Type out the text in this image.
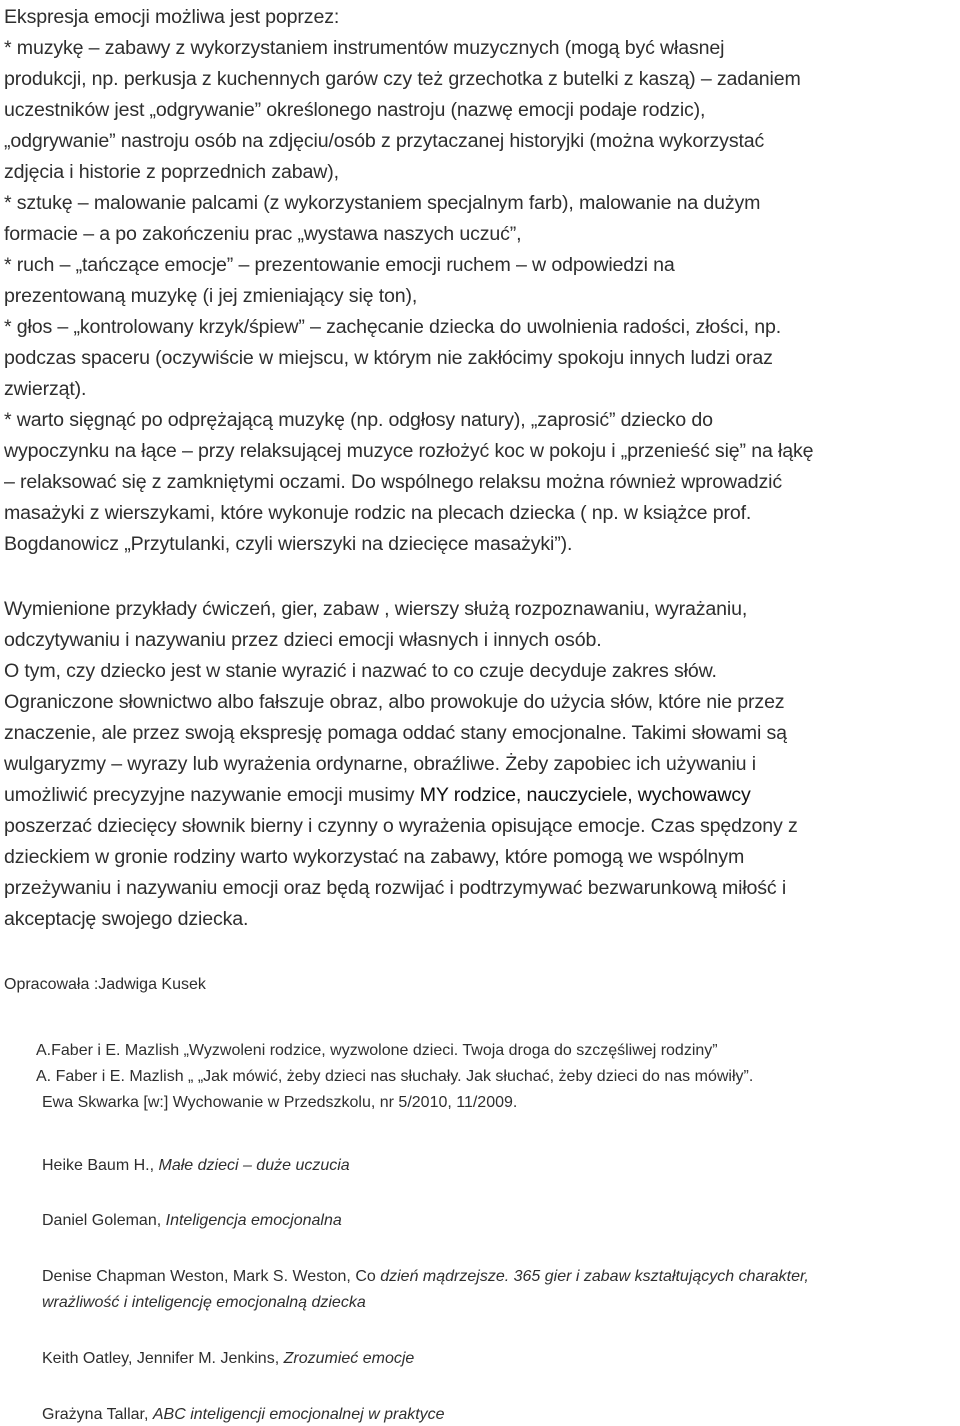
Ekspresja emocji możliwa jest poprzez:
* muzykę – zabawy z wykorzystaniem instrumentów muzycznych (mogą być własnej
produkcji, np. perkusja z kuchennych garów czy też grzechotka z butelki z kaszą) – zadaniem
uczestników jest „odgrywanie” określonego nastroju (nazwę emocji podaje rodzic),
„odgrywanie” nastroju osób na zdjęciu/osób z przytaczanej historyjki (można wykorzystać
zdjęcia i historie z poprzednich zabaw),
* sztukę – malowanie palcami (z wykorzystaniem specjalnym farb), malowanie na dużym
formacie – a po zakończeniu prac „wystawa naszych uczuć”,
* ruch – „tańczące emocje” – prezentowanie emocji ruchem – w odpowiedzi na
prezentowaną muzykę (i jej zmieniający się ton),
* głos – „kontrolowany krzyk/śpiew” – zachęcanie dziecka do uwolnienia radości, złości, np.
podczas spaceru (oczywiście w miejscu, w którym nie zakłócimy spokoju innych ludzi oraz
zwierząt).
* warto sięgnąć po odprężającą muzykę (np. odgłosy natury), „zaprosić” dziecko do
wypoczynku na łące – przy relaksującej muzyce rozłożyć koc w pokoju i „przenieść się” na łąkę
– relaksować się z zamkniętymi oczami. Do wspólnego relaksu można również wprowadzić
masażyki z wierszykami, które wykonuje rodzic na plecach dziecka ( np. w książce prof.
Bogdanowicz „Przytulanki, czyli wierszyki na dziecięce masażyki”).
Wymienione przykłady ćwiczeń, gier, zabaw , wierszy służą rozpoznawaniu, wyrażaniu,
odczytywaniu i nazywaniu przez dzieci emocji własnych i innych osób.
O tym, czy dziecko jest w stanie wyrazić i nazwać to co czuje decyduje zakres słów.
Ograniczone słownictwo albo fałszuje obraz, albo prowokuje do użycia słów, które nie przez
znaczenie, ale przez swoją ekspresję pomaga oddać stany emocjonalne. Takimi słowami są
wulgaryzmy – wyrazy lub wyrażenia ordynarne, obraźliwe. Żeby zapobiec ich używaniu i
umożliwić precyzyjne nazywanie emocji musimy MY rodzice, nauczyciele, wychowawcy
poszerzać dziecięcy słownik bierny i czynny o wyrażenia opisujące emocje. Czas spędzony z
dzieckiem w gronie rodziny warto wykorzystać na zabawy, które pomogą we wspólnym
przeżywaniu i nazywaniu emocji oraz będą rozwijać i podtrzymywać bezwarunkową miłość i
akceptację swojego dziecka.
Opracowała :Jadwiga Kusek
A.Faber i E. Mazlish „Wyzwoleni rodzice, wyzwolone dzieci. Twoja droga do szczęśliwej rodziny”
A. Faber i E. Mazlish „ „Jak mówić, żeby dzieci nas słuchały. Jak słuchać, żeby dzieci do nas mówiły”.
Ewa Skwarka [w:] Wychowanie w Przedszkolu, nr 5/2010, 11/2009.
Heike Baum H., Małe dzieci – duże uczucia
Daniel Goleman, Inteligencja emocjonalna
Denise Chapman Weston, Mark S. Weston, Co dzień mądrzejsze. 365 gier i zabaw kształtujących charakter,
wrażliwość i inteligencję emocjonalną dziecka
Keith Oatley, Jennifer M. Jenkins, Zrozumieć emocje
Grażyna Tallar, ABC inteligencji emocjonalnej w praktyce
